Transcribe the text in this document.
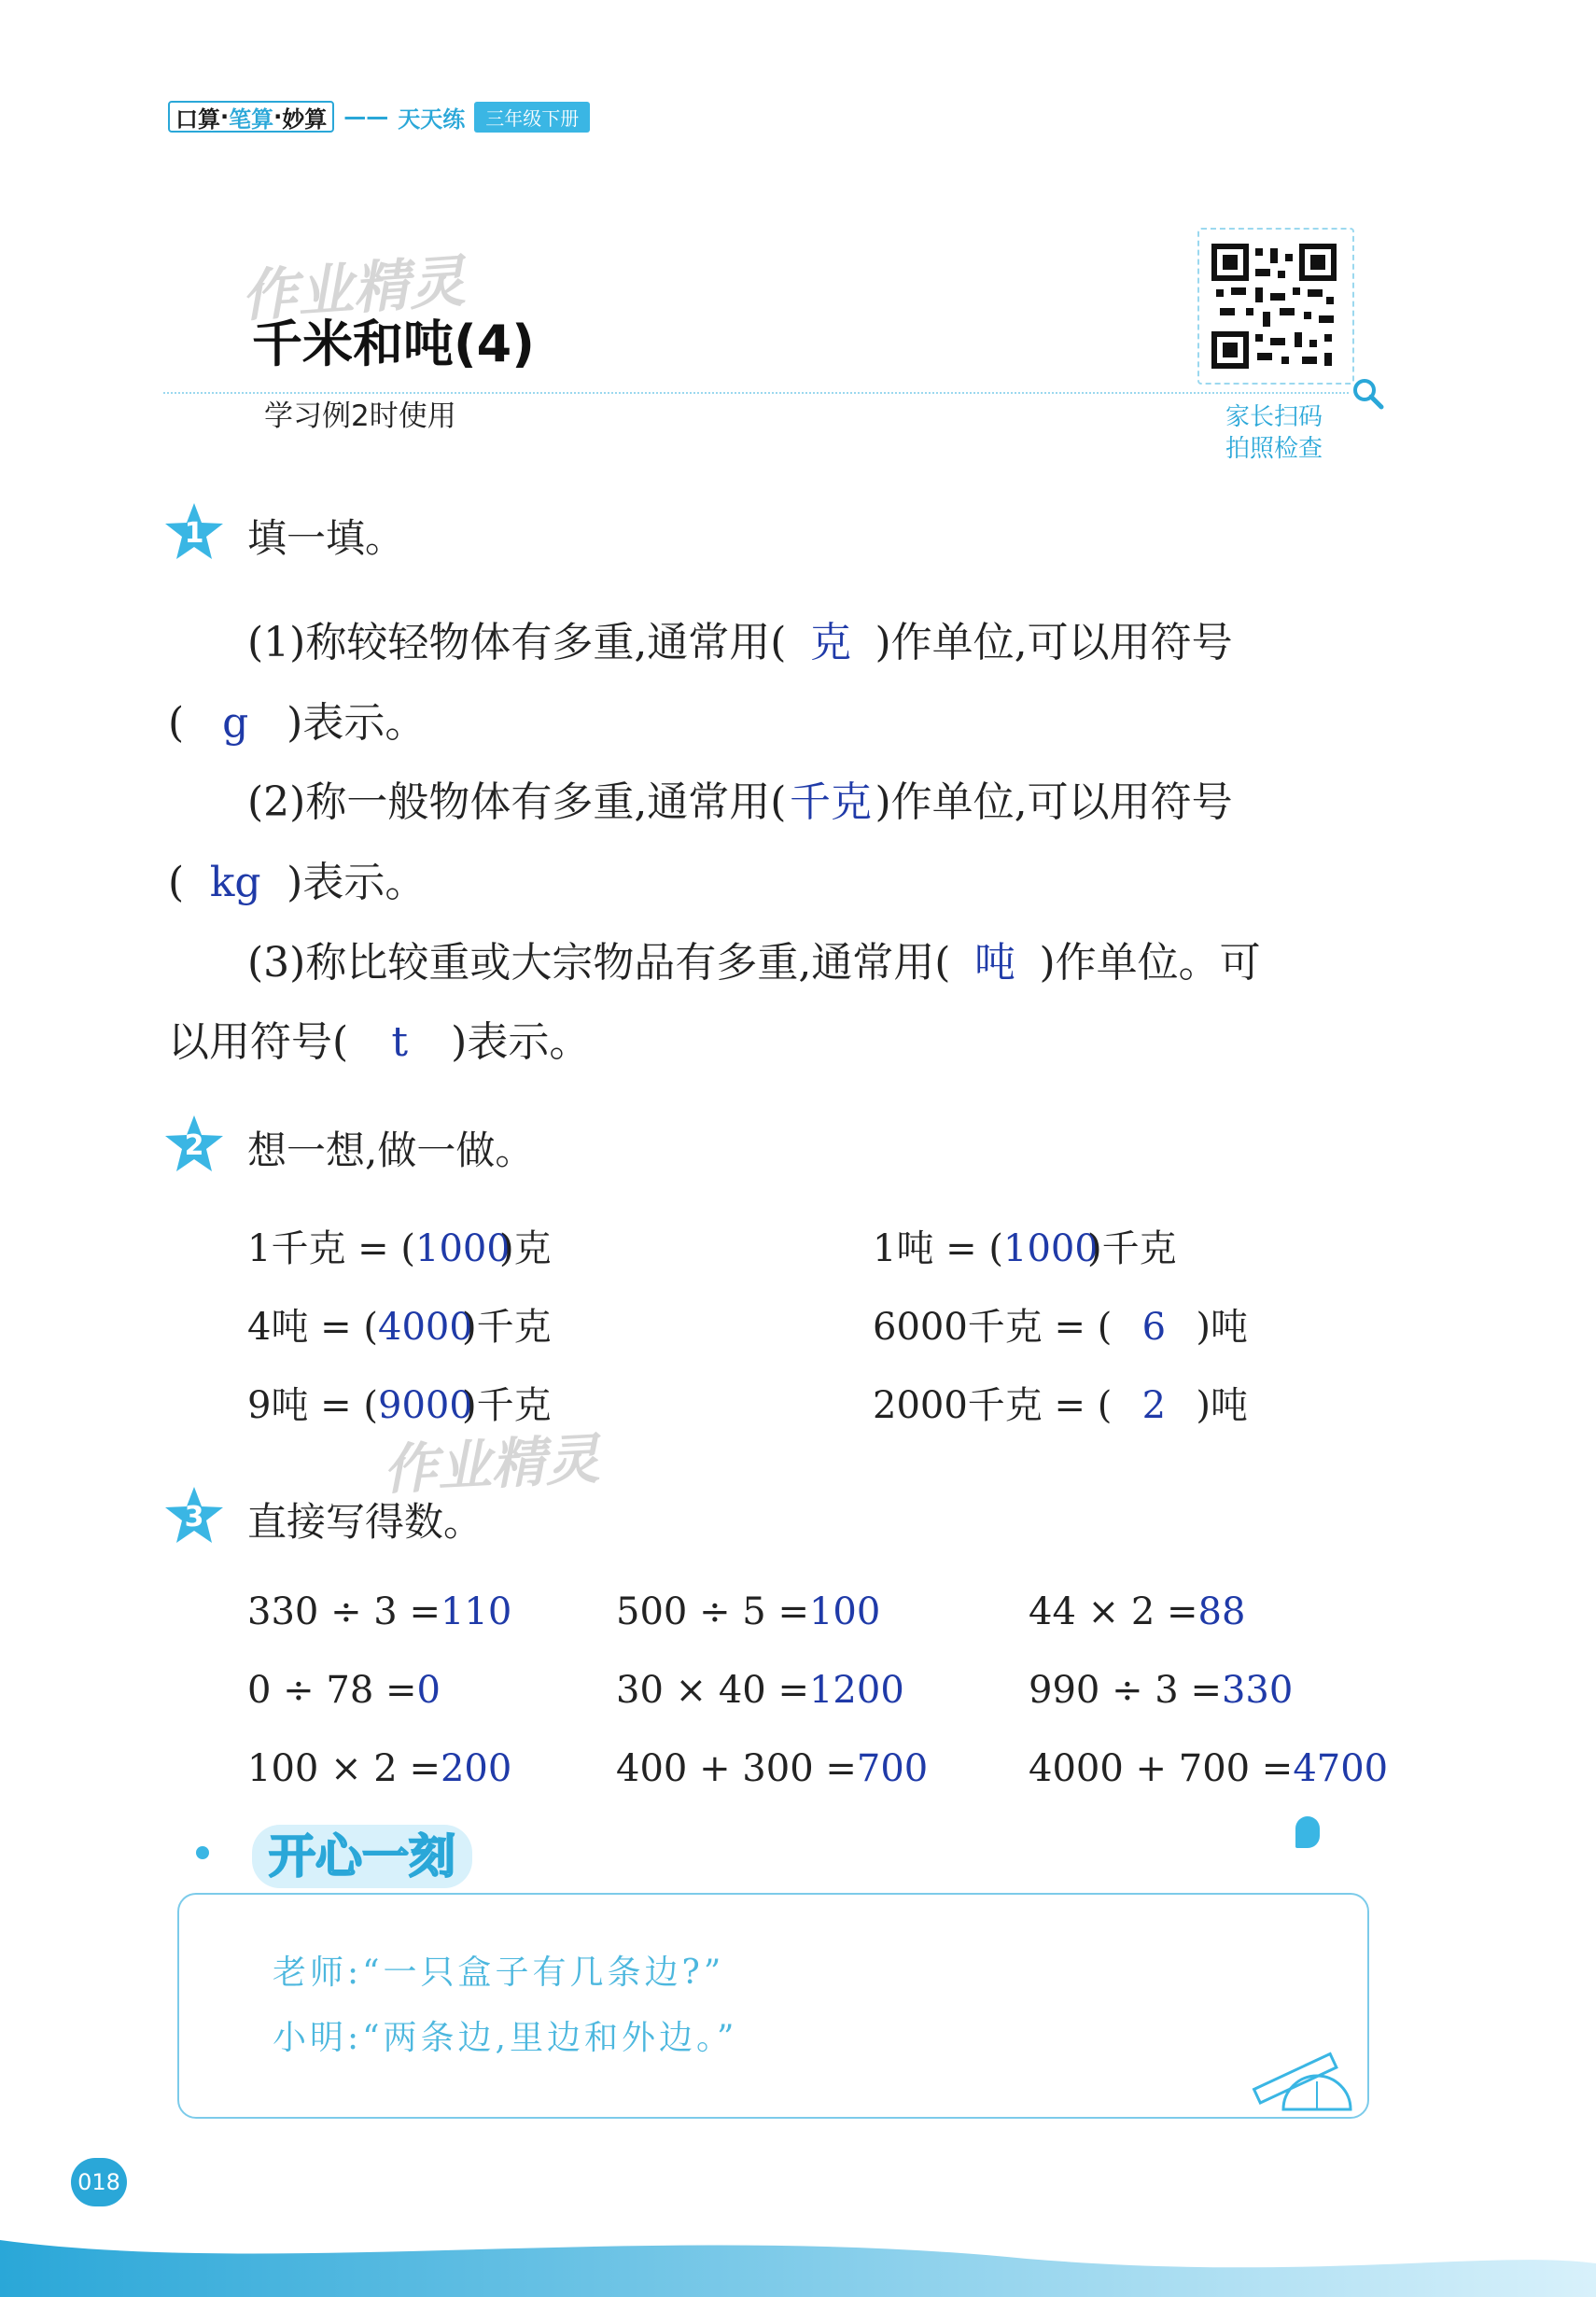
口算 · 笔算 · 妙算 —— 天天练	三年级下册
作业精灵
千米和吨(4)
学习例2时使用	家长扫码
拍照检查
1	填一填。
(1)称较轻物体有多重,通常用( 克 )作单位,可以用符号
( g )表示。
(2)称一般物体有多重,通常用(千克)作单位,可以用符号
( kg )表示。
(3)称比较重或大宗物品有多重,通常用( 吨 )作单位。可
以用符号( t )表示。
2	想一想,做一做。
1千克 = (1000)克	1吨 = (1000)千克
4吨 = (4000)千克	6000千克 = ( 6 )吨
9吨 = (9000)千克	2000千克 = ( 2 )吨
作业精灵
3	直接写得数。
330 ÷ 3 =110	500 ÷ 5 =100	44 × 2 =88
0 ÷ 78 =0	30 × 40 =1200	990 ÷ 3 =330
100 × 2 =200	400 + 300 =700	4000 + 700 =4700
开心一刻
老师:“一只盒子有几条边?”
小明:“两条边,里边和外边。”
018
